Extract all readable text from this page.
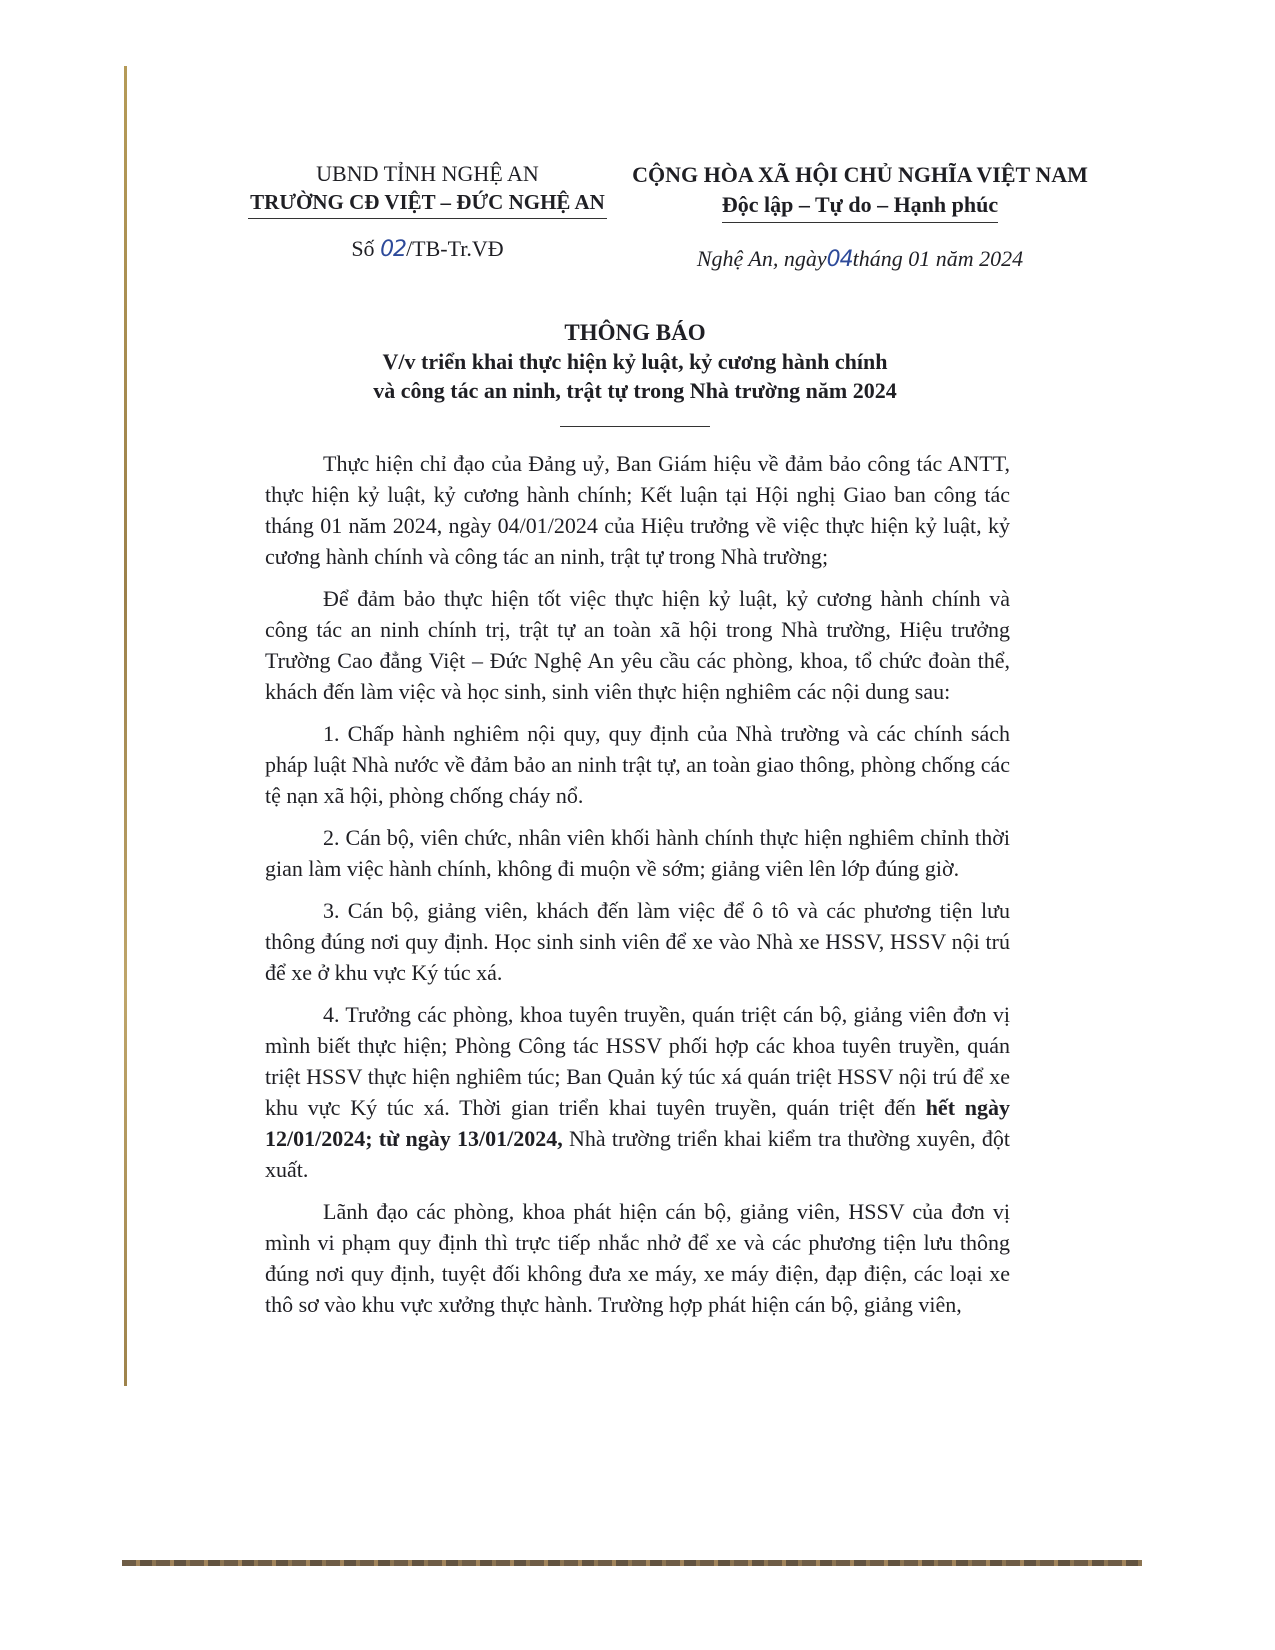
UBND TỈNH NGHỆ AN
TRƯỜNG CĐ VIỆT – ĐỨC NGHỆ AN
Số 02/TB-Tr.VĐ
CỘNG HÒA XÃ HỘI CHỦ NGHĨA VIỆT NAM
Độc lập – Tự do – Hạnh phúc
Nghệ An, ngày04tháng 01 năm 2024
THÔNG BÁO
V/v triển khai thực hiện kỷ luật, kỷ cương hành chính
và công tác an ninh, trật tự trong Nhà trường năm 2024

Thực hiện chỉ đạo của Đảng uỷ, Ban Giám hiệu về đảm bảo công tác ANTT, thực hiện kỷ luật, kỷ cương hành chính; Kết luận tại Hội nghị Giao ban công tác tháng 01 năm 2024, ngày 04/01/2024 của Hiệu trưởng về việc thực hiện kỷ luật, kỷ cương hành chính và công tác an ninh, trật tự trong Nhà trường;

Để đảm bảo thực hiện tốt việc thực hiện kỷ luật, kỷ cương hành chính và công tác an ninh chính trị, trật tự an toàn xã hội trong Nhà trường, Hiệu trưởng Trường Cao đẳng Việt – Đức Nghệ An yêu cầu các phòng, khoa, tổ chức đoàn thể, khách đến làm việc và học sinh, sinh viên thực hiện nghiêm các nội dung sau:

1. Chấp hành nghiêm nội quy, quy định của Nhà trường và các chính sách pháp luật Nhà nước về đảm bảo an ninh trật tự, an toàn giao thông, phòng chống các tệ nạn xã hội, phòng chống cháy nổ.

2. Cán bộ, viên chức, nhân viên khối hành chính thực hiện nghiêm chỉnh thời gian làm việc hành chính, không đi muộn về sớm; giảng viên lên lớp đúng giờ.

3. Cán bộ, giảng viên, khách đến làm việc để ô tô và các phương tiện lưu thông đúng nơi quy định. Học sinh sinh viên để xe vào Nhà xe HSSV, HSSV nội trú để xe ở khu vực Ký túc xá.

4. Trưởng các phòng, khoa tuyên truyền, quán triệt cán bộ, giảng viên đơn vị mình biết thực hiện; Phòng Công tác HSSV phối hợp các khoa tuyên truyền, quán triệt HSSV thực hiện nghiêm túc; Ban Quản ký túc xá quán triệt HSSV nội trú để xe khu vực Ký túc xá. Thời gian triển khai tuyên truyền, quán triệt đến hết ngày 12/01/2024; từ ngày 13/01/2024, Nhà trường triển khai kiểm tra thường xuyên, đột xuất.

Lãnh đạo các phòng, khoa phát hiện cán bộ, giảng viên, HSSV của đơn vị mình vi phạm quy định thì trực tiếp nhắc nhở để xe và các phương tiện lưu thông đúng nơi quy định, tuyệt đối không đưa xe máy, xe máy điện, đạp điện, các loại xe thô sơ vào khu vực xưởng thực hành. Trường hợp phát hiện cán bộ, giảng viên,
